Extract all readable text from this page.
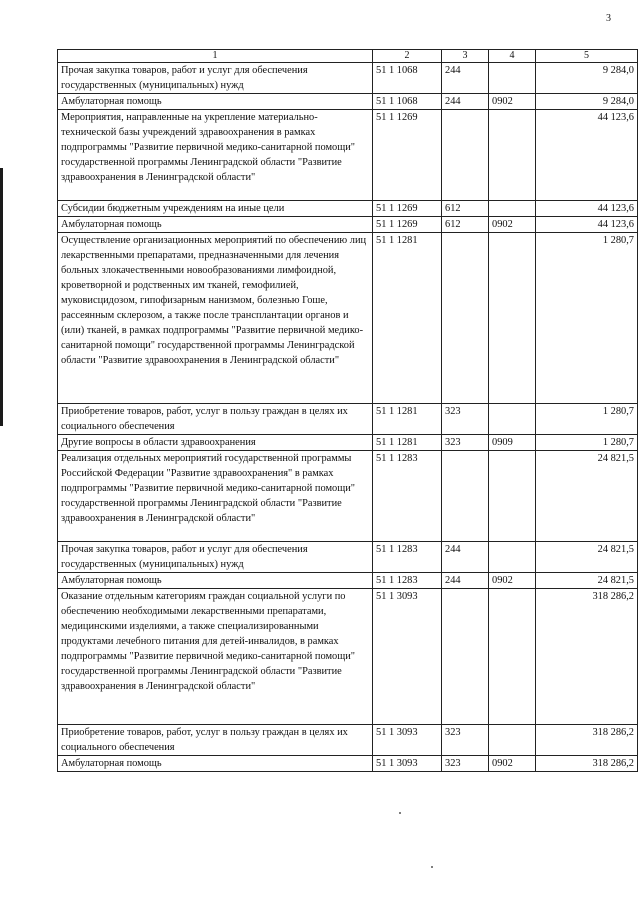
3
1	2	3	4	5
Прочая закупка товаров, работ и услуг для обеспечения государственных (муниципальных) нужд	51 1 1068	244		9 284,0
Амбулаторная помощь	51 1 1068	244	0902	9 284,0
Мероприятия, направленные на укрепление материально-технической базы учреждений здравоохранения в рамках подпрограммы "Развитие первичной медико-санитарной помощи" государственной программы Ленинградской области "Развитие здравоохранения в Ленинградской области"	51 1 1269			44 123,6
Субсидии бюджетным учреждениям на иные цели	51 1 1269	612		44 123,6
Амбулаторная помощь	51 1 1269	612	0902	44 123,6
Осуществление организационных мероприятий по обеспечению лиц лекарственными препаратами, предназначенными для лечения больных злокачественными новообразованиями лимфоидной, кроветворной и родственных им тканей, гемофилией, муковисцидозом, гипофизарным нанизмом, болезнью Гоше, рассеянным склерозом, а также после трансплантации органов и (или) тканей, в рамках подпрограммы "Развитие первичной медико-санитарной помощи" государственной программы Ленинградской области "Развитие здравоохранения в Ленинградской области"	51 1 1281			1 280,7
Приобретение товаров, работ, услуг в пользу граждан в целях их социального обеспечения	51 1 1281	323		1 280,7
Другие вопросы в области здравоохранения	51 1 1281	323	0909	1 280,7
Реализация отдельных мероприятий государственной программы Российской Федерации "Развитие здравоохранения" в рамках подпрограммы "Развитие первичной медико-санитарной помощи" государственной программы Ленинградской области "Развитие здравоохранения в Ленинградской области"	51 1 1283			24 821,5
Прочая закупка товаров, работ и услуг для обеспечения государственных (муниципальных) нужд	51 1 1283	244		24 821,5
Амбулаторная помощь	51 1 1283	244	0902	24 821,5
Оказание отдельным категориям граждан социальной услуги по обеспечению необходимыми лекарственными препаратами, медицинскими изделиями, а также специализированными продуктами лечебного питания для детей-инвалидов, в рамках подпрограммы "Развитие первичной медико-санитарной помощи" государственной программы Ленинградской области "Развитие здравоохранения в Ленинградской области"	51 1 3093			318 286,2
Приобретение товаров, работ, услуг в пользу граждан в целях их социального обеспечения	51 1 3093	323		318 286,2
Амбулаторная помощь	51 1 3093	323	0902	318 286,2
